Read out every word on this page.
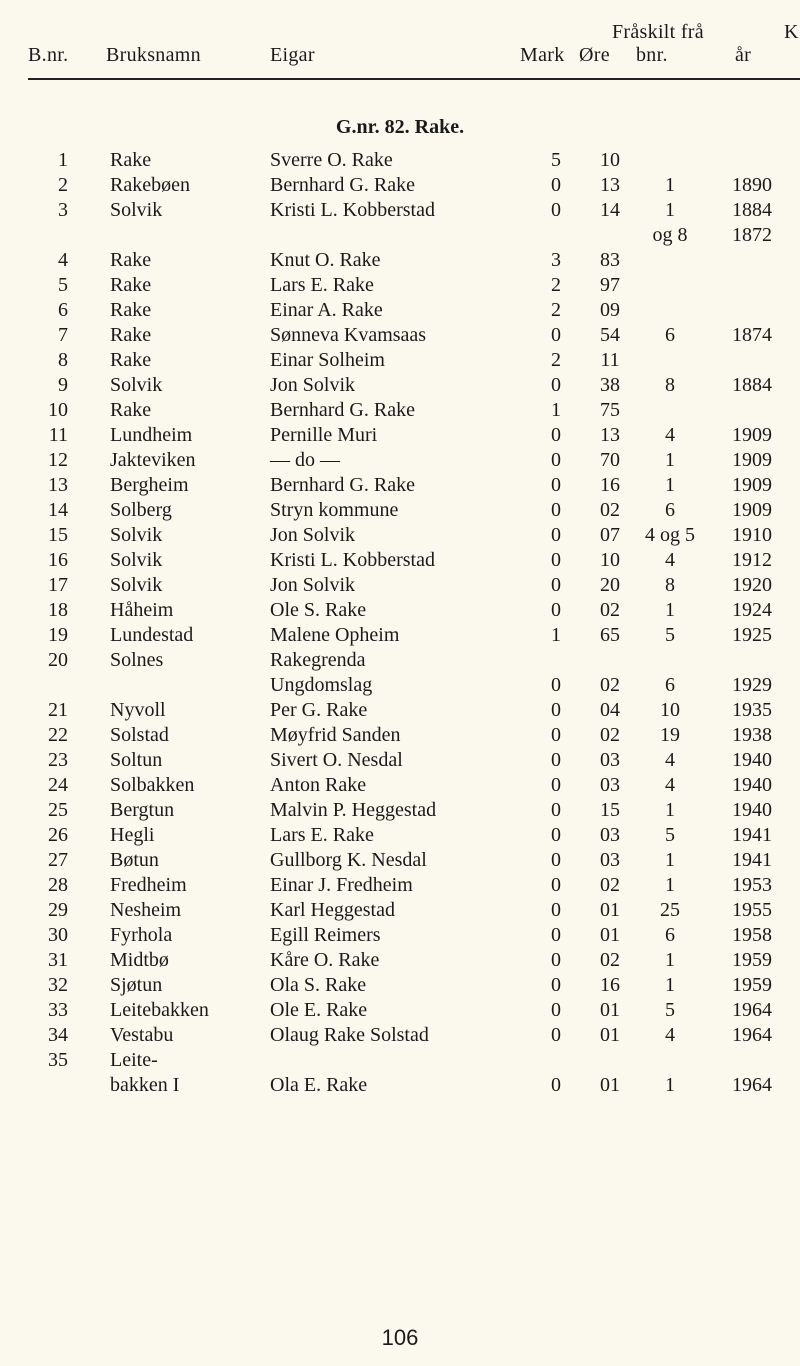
Fråskilt frå	K
B.nr. Bruksnamn	Eigar	Mark Øre bnr.	år
G.nr. 82. Rake.
1 Rake	Sverre O. Rake	5 10
2 Rakebøen	Bernhard G. Rake	0 13	1	1890
3 Solvik	Kristi L. Kobberstad	0 14	1	1884
og 8	1872
4 Rake	Knut O. Rake	3 83
5 Rake	Lars E. Rake	2 97
6 Rake	Einar A. Rake	2 09
7 Rake	Sønneva Kvamsaas	0 54	6	1874
8 Rake	Einar Solheim	2 11
9 Solvik	Jon Solvik	0 38	8	1884
10 Rake	Bernhard G. Rake	1 75
11 Lundheim	Pernille Muri	0 13	4	1909
12 Jakteviken	— do —	0 70	1	1909
13 Bergheim	Bernhard G. Rake	0 16	1	1909
14 Solberg	Stryn kommune	0 02	6	1909
15 Solvik	Jon Solvik	0 07	4 og 5	1910
16 Solvik	Kristi L. Kobberstad	0 10	4	1912
17 Solvik	Jon Solvik	0 20	8	1920
18 Håheim	Ole S. Rake	0 02	1	1924
19 Lundestad	Malene Opheim	1 65	5	1925
20 Solnes	Rakegrenda
Ungdomslag	0 02	6	1929
21 Nyvoll	Per G. Rake	0 04	10	1935
22 Solstad	Møyfrid Sanden	0 02	19	1938
23 Soltun	Sivert O. Nesdal	0 03	4	1940
24 Solbakken	Anton Rake	0 03	4	1940
25 Bergtun	Malvin P. Heggestad	0 15	1	1940
26 Hegli	Lars E. Rake	0 03	5	1941
27 Bøtun	Gullborg K. Nesdal	0 03	1	1941
28 Fredheim	Einar J. Fredheim	0 02	1	1953
29 Nesheim	Karl Heggestad	0 01	25	1955
30 Fyrhola	Egill Reimers	0 01	6	1958
31 Midtbø	Kåre O. Rake	0 02	1	1959
32 Sjøtun	Ola S. Rake	0 16	1	1959
33 Leitebakken	Ole E. Rake	0 01	5	1964
34 Vestabu	Olaug Rake Solstad	0 01	4	1964
35 Leite-
bakken I	Ola E. Rake	0 01	1	1964
106
